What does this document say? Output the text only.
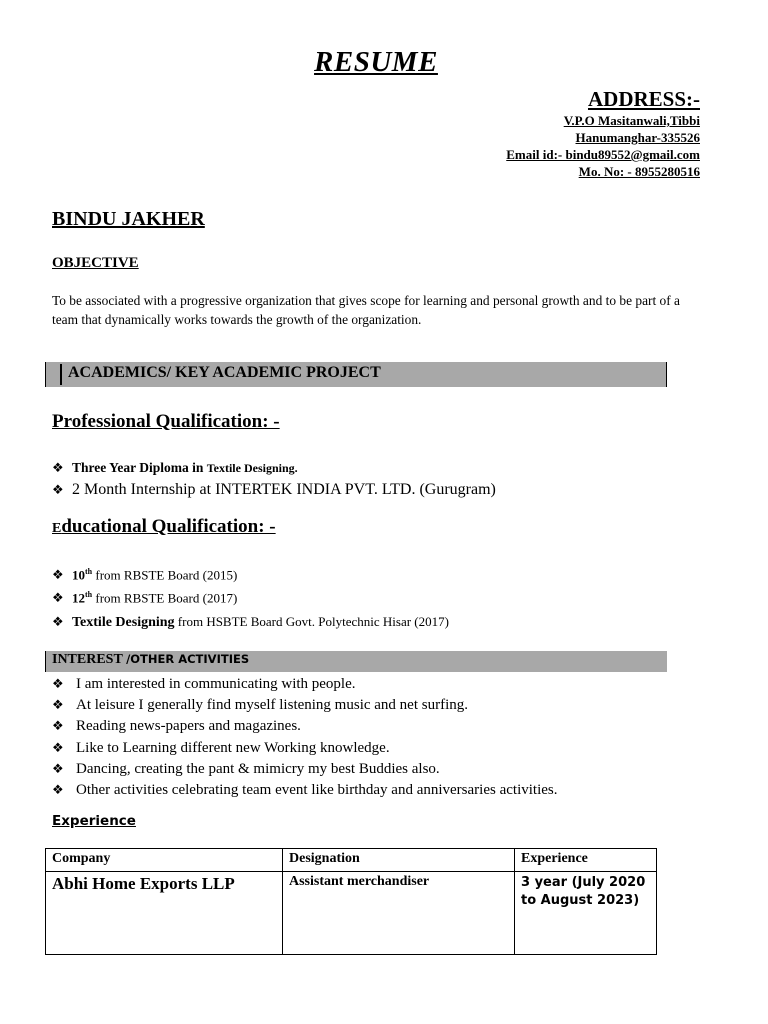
RESUME
ADDRESS:-
V.P.O Masitanwali,Tibbi
Hanumanghar-335526
Email id:- bindu89552@gmail.com
Mo. No: - 8955280516
BINDU JAKHER
OBJECTIVE
To be associated with a progressive organization that gives scope for learning and personal growth and to be part of a team that dynamically works towards the growth of the organization.
ACADEMICS/ KEY ACADEMIC PROJECT
Professional Qualification: -
❖ Three Year Diploma in Textile Designing.
❖ 2 Month Internship at INTERTEK INDIA PVT. LTD. (Gurugram)
Educational Qualification: -
❖ 10th from RBSTE Board (2015)
❖ 12th from RBSTE Board (2017)
❖ Textile Designing from HSBTE Board Govt. Polytechnic Hisar (2017)
INTEREST /OTHER ACTIVITIES
❖ I am interested in communicating with people.
❖ At leisure I generally find myself listening music and net surfing.
❖ Reading news-papers and magazines.
❖ Like to Learning different new Working knowledge.
❖ Dancing, creating the pant & mimicry my best Buddies also.
❖ Other activities celebrating team event like birthday and anniversaries activities.
Experience
Company	Designation	Experience
Abhi Home Exports LLP	Assistant merchandiser	3 year (July 2020 to August 2023)
